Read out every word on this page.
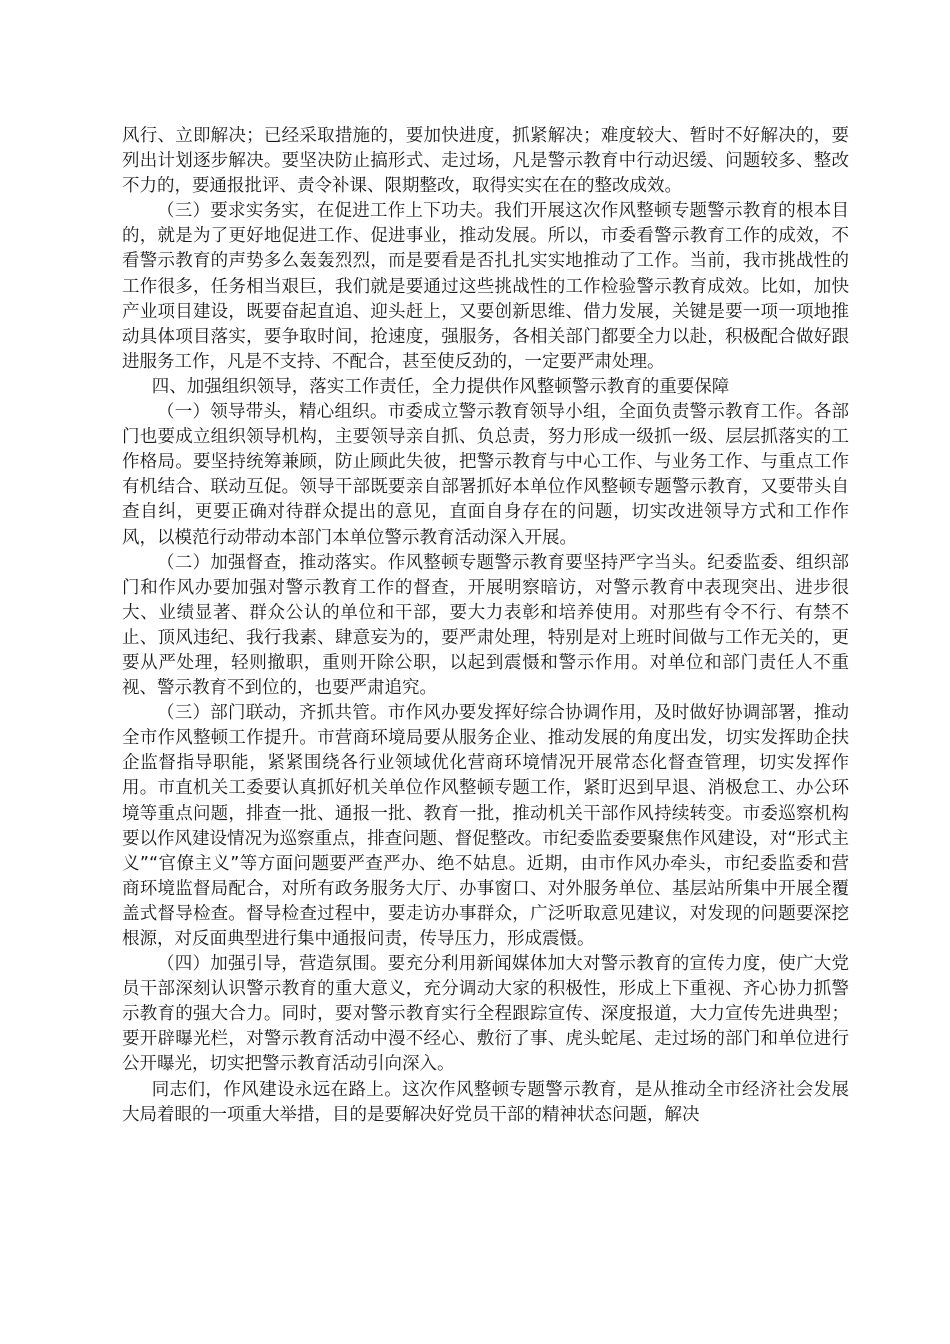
风行、立即解决；已经采取措施的，要加快进度，抓紧解决；难度较大、暂时不好解决的，要列出计划逐步解决。要坚决防止搞形式、走过场，凡是警示教育中行动迟缓、问题较多、整改不力的，要通报批评、责令补课、限期整改，取得实实在在的整改成效。

（三）要求实务实，在促进工作上下功夫。我们开展这次作风整顿专题警示教育的根本目的，就是为了更好地促进工作、促进事业，推动发展。所以，市委看警示教育工作的成效，不看警示教育的声势多么轰轰烈烈，而是要看是否扎扎实实地推动了工作。当前，我市挑战性的工作很多，任务相当艰巨，我们就是要通过这些挑战性的工作检验警示教育成效。比如，加快产业项目建设，既要奋起直追、迎头赶上，又要创新思维、借力发展，关键是要一项一项地推动具体项目落实，要争取时间，抢速度，强服务，各相关部门都要全力以赴，积极配合做好跟进服务工作，凡是不支持、不配合，甚至使反劲的，一定要严肃处理。

四、加强组织领导，落实工作责任，全力提供作风整顿警示教育的重要保障

（一）领导带头，精心组织。市委成立警示教育领导小组，全面负责警示教育工作。各部门也要成立组织领导机构，主要领导亲自抓、负总责，努力形成一级抓一级、层层抓落实的工作格局。要坚持统筹兼顾，防止顾此失彼，把警示教育与中心工作、与业务工作、与重点工作有机结合、联动互促。领导干部既要亲自部署抓好本单位作风整顿专题警示教育，又要带头自查自纠，更要正确对待群众提出的意见，直面自身存在的问题，切实改进领导方式和工作作风，以模范行动带动本部门本单位警示教育活动深入开展。

（二）加强督查，推动落实。作风整顿专题警示教育要坚持严字当头。纪委监委、组织部门和作风办要加强对警示教育工作的督查，开展明察暗访，对警示教育中表现突出、进步很大、业绩显著、群众公认的单位和干部，要大力表彰和培养使用。对那些有令不行、有禁不止、顶风违纪、我行我素、肆意妄为的，要严肃处理，特别是对上班时间做与工作无关的，更要从严处理，轻则撤职，重则开除公职，以起到震慑和警示作用。对单位和部门责任人不重视、警示教育不到位的，也要严肃追究。

（三）部门联动，齐抓共管。市作风办要发挥好综合协调作用，及时做好协调部署，推动全市作风整顿工作提升。市营商环境局要从服务企业、推动发展的角度出发，切实发挥助企扶企监督指导职能，紧紧围绕各行业领域优化营商环境情况开展常态化督查管理，切实发挥作用。市直机关工委要认真抓好机关单位作风整顿专题工作，紧盯迟到早退、消极怠工、办公环境等重点问题，排查一批、通报一批、教育一批，推动机关干部作风持续转变。市委巡察机构要以作风建设情况为巡察重点，排查问题、督促整改。市纪委监委要聚焦作风建设，对“形式主义”“官僚主义”等方面问题要严查严办、绝不姑息。近期，由市作风办牵头，市纪委监委和营商环境监督局配合，对所有政务服务大厅、办事窗口、对外服务单位、基层站所集中开展全覆盖式督导检查。督导检查过程中，要走访办事群众，广泛听取意见建议，对发现的问题要深挖根源，对反面典型进行集中通报问责，传导压力，形成震慑。

（四）加强引导，营造氛围。要充分利用新闻媒体加大对警示教育的宣传力度，使广大党员干部深刻认识警示教育的重大意义，充分调动大家的积极性，形成上下重视、齐心协力抓警示教育的强大合力。同时，要对警示教育实行全程跟踪宣传、深度报道，大力宣传先进典型；要开辟曝光栏，对警示教育活动中漫不经心、敷衍了事、虎头蛇尾、走过场的部门和单位进行公开曝光，切实把警示教育活动引向深入。

同志们，作风建设永远在路上。这次作风整顿专题警示教育，是从推动全市经济社会发展大局着眼的一项重大举措，目的是要解决好党员干部的精神状态问题，解决
